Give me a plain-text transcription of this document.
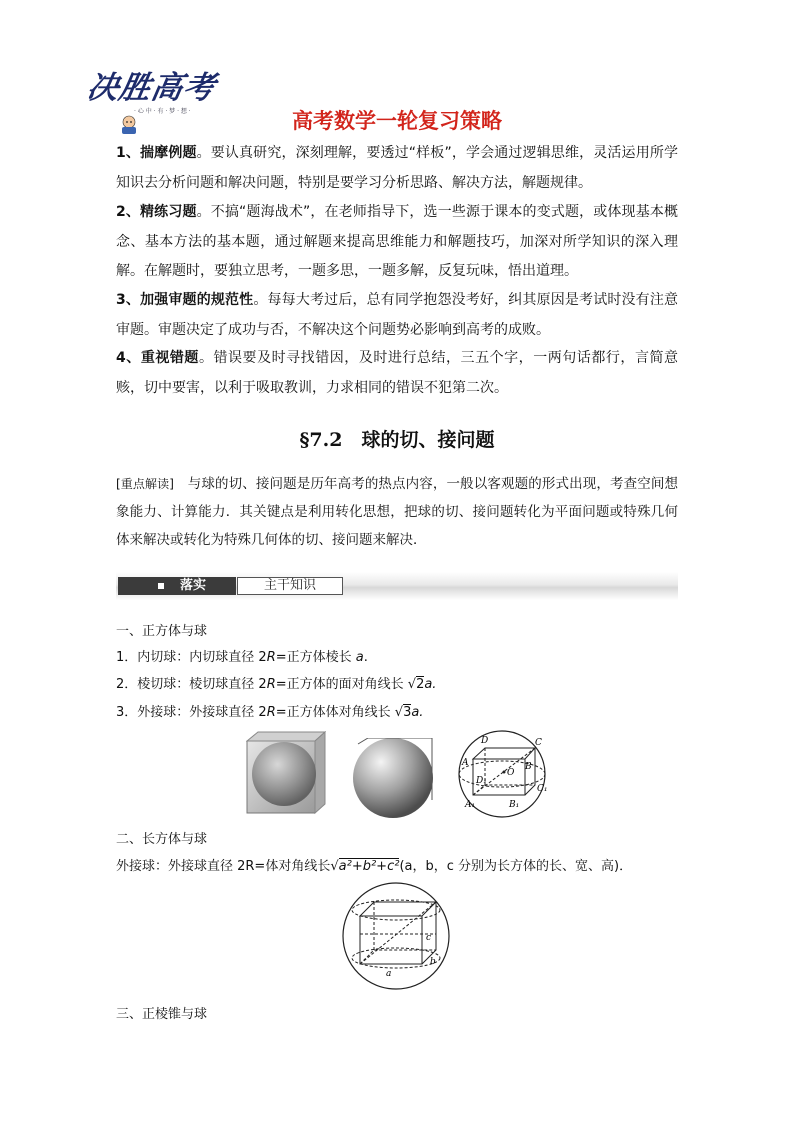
决胜高考
· 心 中 · 有 · 梦 · 想 ·	高考数学一轮复习策略
1、揣摩例题。要认真研究，深刻理解，要透过“样板”，学会通过逻辑思维，灵活运用所学知识去分析问题和解决问题，特别是要学习分析思路、解决方法，解题规律。
2、精练习题。不搞“题海战术”，在老师指导下，选一些源于课本的变式题，或体现基本概念、基本方法的基本题，通过解题来提高思维能力和解题技巧，加深对所学知识的深入理解。在解题时，要独立思考，一题多思，一题多解，反复玩味，悟出道理。
3、加强审题的规范性。每每大考过后，总有同学抱怨没考好，纠其原因是考试时没有注意审题。审题决定了成功与否，不解决这个问题势必影响到高考的成败。
4、重视错题。错误要及时寻找错因，及时进行总结，三五个字，一两句话都行，言简意赅，切中要害，以利于吸取教训，力求相同的错误不犯第二次。
§7.2　球的切、接问题
[重点解读]　与球的切、接问题是历年高考的热点内容，一般以客观题的形式出现，考查空间想象能力、计算能力．其关键点是利用转化思想，把球的切、接问题转化为平面问题或特殊几何体来解决或转化为特殊几何体的切、接问题来解决．
落实	主干知识
一、正方体与球
1．内切球：内切球直径 2R=正方体棱长 a.
2．棱切球：棱切球直径 2R=正方体的面对角线长 √2a.
3．外接球：外接球直径 2R=正方体体对角线长 √3a.
D	C
A	B
D₁
C₁
A₁	B₁
O
二、长方体与球
外接球：外接球直径 2R=体对角线长√a²+b²+c²(a，b，c 分别为长方体的长、宽、高)．
a
b
c
三、正棱锥与球
